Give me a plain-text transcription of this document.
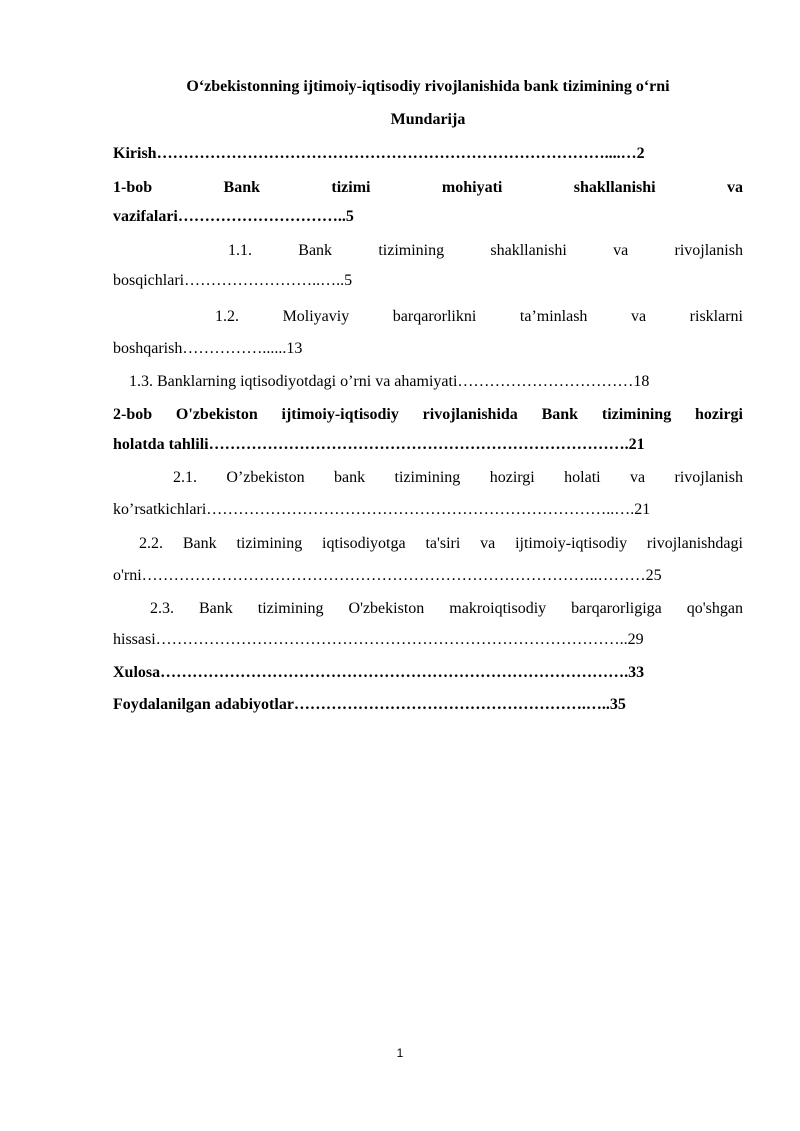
O‘zbekistonning ijtimoiy-iqtisodiy rivojlanishida bank tizimining o‘rni
Mundarija
Kirish…………………………………………………………………………....…2
1-bob	Bank	tizimi	mohiyati	shakllanishi	va
vazifalari…………………………..5
1.1.	Bank	tizimining	shakllanishi	va	rivojlanish
bosqichlari……………………..…..5
1.2.	Moliyaviy	barqarorlikni	ta’minlash	va	risklarni
boshqarish……………......13
1.3. Banklarning iqtisodiyotdagi o’rni va ahamiyati……………………………18
2-bob O'zbekiston ijtimoiy-iqtisodiy rivojlanishida Bank tizimining hozirgi
holatda tahlili…………………………………………………………………….21
2.1. O’zbekiston bank tizimining hozirgi holati va rivojlanish
ko’rsatkichlari…………………………………………………………………..….21
2.2. Bank tizimining iqtisodiyotga ta'siri va ijtimoiy-iqtisodiy rivojlanishdagi
o'rni…………………………………………………………………………..………25
2.3. Bank tizimining O'zbekiston makroiqtisodiy barqarorligiga qo'shgan
hissasi……………………………………………………………………………..29
Xulosa…………………………………………………………………………….33
Foydalanilgan adabiyotlar……………………………………………….…..35
1
